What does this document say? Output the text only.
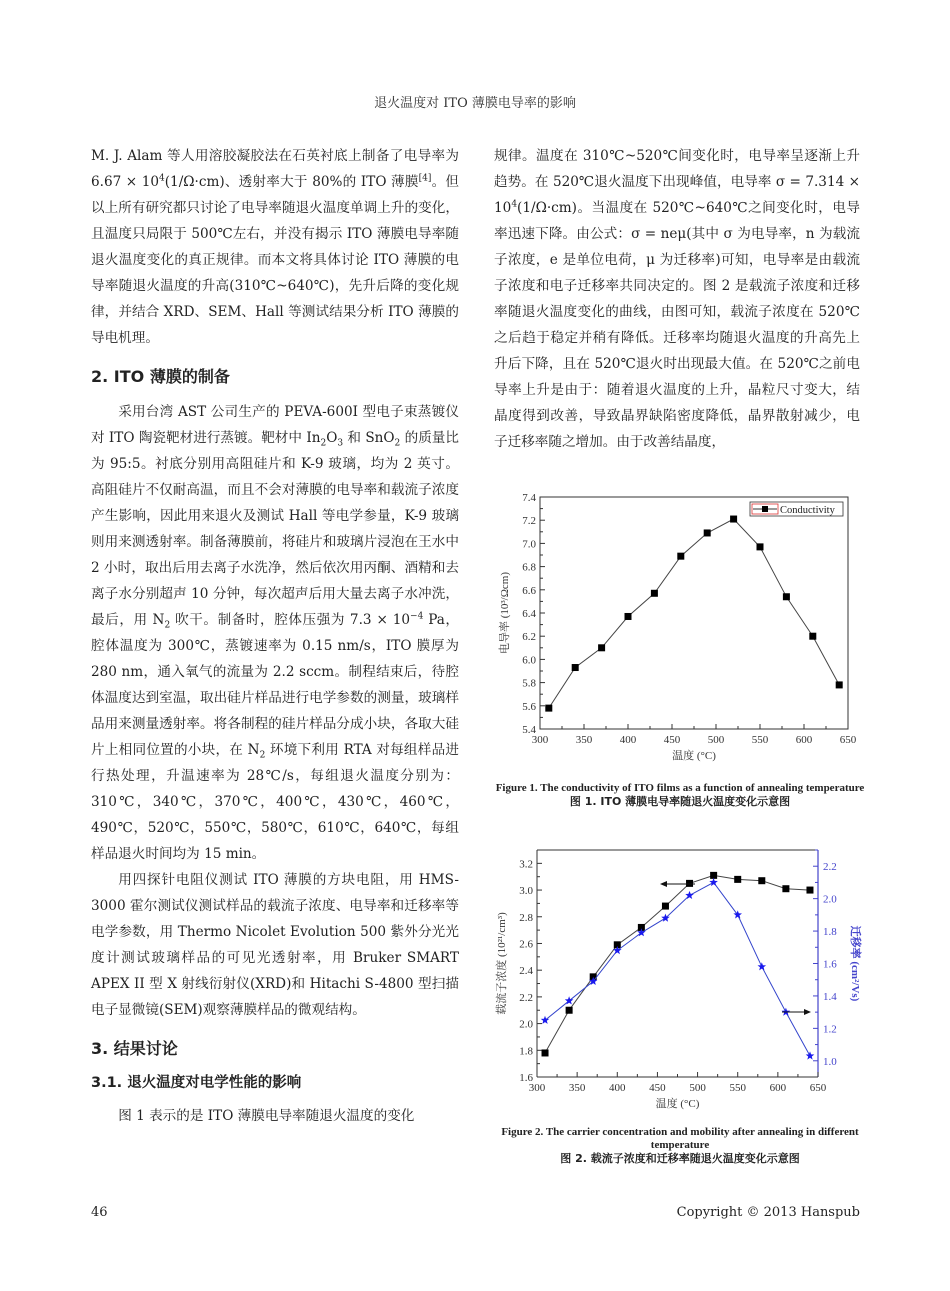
退火温度对 ITO 薄膜电导率的影响

M. J. Alam 等人用溶胶凝胶法在石英衬底上制备了电导率为 $6.67 \times 10^4(1/\Omega\cdot cm)$、透射率大于 80%的 ITO 薄膜[4]。但以上所有研究都只讨论了电导率随退火温度单调上升的变化，且温度只局限于 500℃左右，并没有揭示 ITO 薄膜电导率随退火温度变化的真正规律。而本文将具体讨论 ITO 薄膜的电导率随退火温度的升高(310℃~640℃)，先升后降的变化规律，并结合 XRD、SEM、Hall 等测试结果分析 ITO 薄膜的导电机理。

2. ITO 薄膜的制备

采用台湾 AST 公司生产的 PEVA-600I 型电子束蒸镀仪对 ITO 陶瓷靶材进行蒸镀。靶材中 $In_2O_3$ 和 SnO$_2$ 的质量比为 95:5。衬底分别用高阻硅片和 K-9 玻璃，均为 2 英寸。高阻硅片不仅耐高温，而且不会对薄膜的电导率和载流子浓度产生影响，因此用来退火及测试 Hall 等电学参量，K-9 玻璃则用来测透射率。制备薄膜前，将硅片和玻璃片浸泡在王水中 2 小时，取出后用去离子水洗净，然后依次用丙酮、酒精和去离子水分别超声 10 分钟，每次超声后用大量去离子水冲洗，最后，用 $N_2$ 吹干。制备时，腔体压强为 $7.3 \times 10^{-4}$ Pa，腔体温度为 300℃，蒸镀速率为 0.15 nm/s，ITO 膜厚为 280 nm，通入氧气的流量为 2.2 sccm。制程结束后，待腔体温度达到室温，取出硅片样品进行电学参数的测量，玻璃样品用来测量透射率。将各制程的硅片样品分成小块，各取大硅片上相同位置的小块，在 $N_2$ 环境下利用 RTA 对每组样品进行热处理，升温速率为 28℃/s，每组退火温度分别为：310℃，340℃，370℃，400℃，430℃，460℃，490℃，520℃，550℃，580℃，610℃，640℃，每组样品退火时间均为 15 min。

用四探针电阻仪测试 ITO 薄膜的方块电阻，用 HMS-3000 霍尔测试仪测试样品的载流子浓度、电导率和迁移率等电学参数，用 Thermo Nicolet Evolution 500 紫外分光光度计测试玻璃样品的可见光透射率，用 Bruker SMART APEX II 型 X 射线衍射仪(XRD)和 Hitachi S-4800 型扫描电子显微镜(SEM)观察薄膜样品的微观结构。

3. 结果讨论
3.1. 退火温度对电学性能的影响

图 1 表示的是 ITO 薄膜电导率随退火温度的变化

规律。温度在 310℃~520℃间变化时，电导率呈逐渐上升趋势。在 520℃退火温度下出现峰值，电导率 $\sigma = 7.314 \times 10^4(1/\Omega\cdot cm)$。当温度在 520℃~640℃之间变化时，电导率迅速下降。由公式：σ = neμ(其中 σ 为电导率，n 为载流子浓度，e 是单位电荷，μ 为迁移率)可知，电导率是由载流子浓度和电子迁移率共同决定的。图 2 是载流子浓度和迁移率随退火温度变化的曲线，由图可知，载流子浓度在 520℃之后趋于稳定并稍有降低。迁移率均随退火温度的升高先上升后下降，且在 520℃退火时出现最大值。在 520℃之前电导率上升是由于：随着退火温度的上升，晶粒尺寸变大，结晶度得到改善，导致晶界缺陷密度降低，晶界散射减少，电子迁移率随之增加。由于改善结晶度，

300	350	400	450	500	550	600	650
5.4
5.6
5.8
6.0
6.2
6.4
6.6
6.8
7.0
7.2
7.4
温度 (°C)
电导率 (10³/Ωcm)
Conductivity
Figure 1. The conductivity of ITO films as a function of annealing temperature
图 1. ITO 薄膜电导率随退火温度变化示意图
300 350 400 450 500 550 600 650
1.6
1.8
2.0
2.2
2.4
2.6
2.8
3.0
3.2
1.0
1.2
1.4
1.6
1.8
2.0
2.2
温度 (°C)
载流子浓度 (10²¹/cm³)	迁移率 (cm²/Vs)
Figure 2. The carrier concentration and mobility after annealing in different temperature
图 2. 载流子浓度和迁移率随退火温度变化示意图
46	Copyright © 2013 Hanspub
